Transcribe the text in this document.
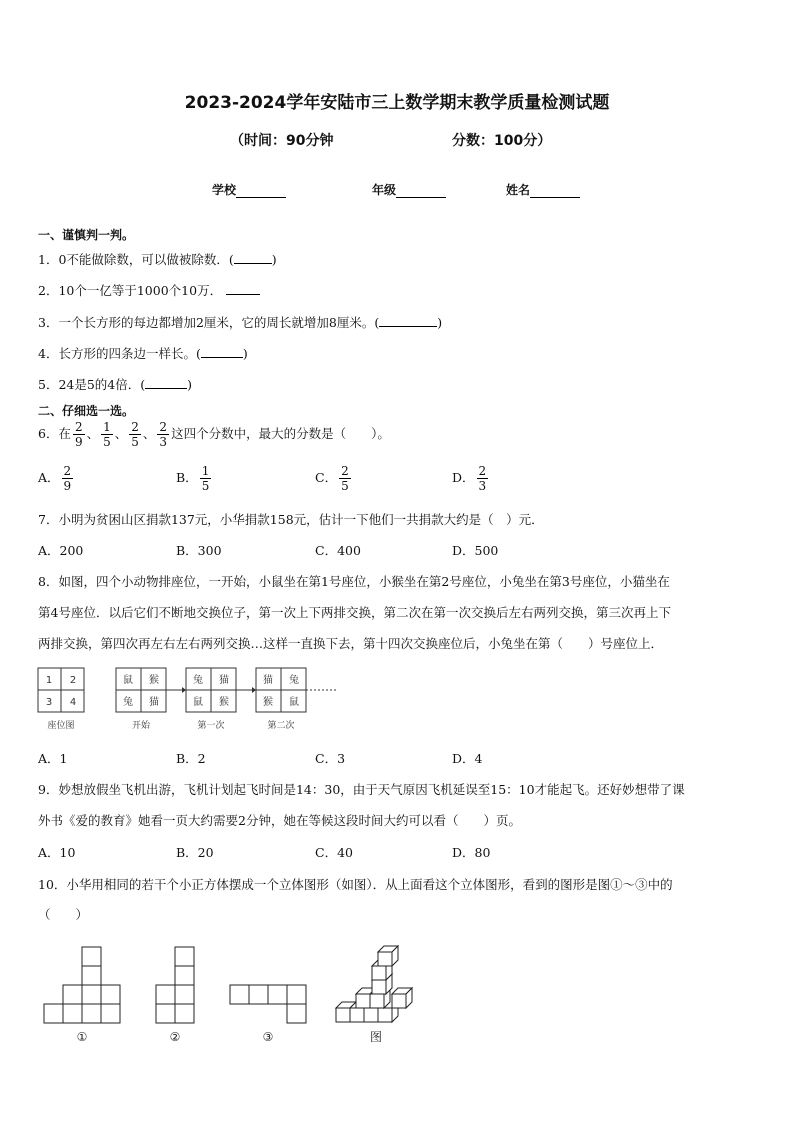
2023-2024学年安陆市三上数学期末教学质量检测试题
（时间：90分钟	分数：100分）
学校	年级	姓名
一、谨慎判一判。
1．0不能做除数，可以做被除数．(	)
2．10个一亿等于1000个10万．
3．一个长方形的每边都增加2厘米，它的周长就增加8厘米。(	)
4．长方形的四条边一样长。(	)
5．24是5的4倍．(	)
二、仔细选一选。
6．在 $\frac{2}{9}$ 、 $\frac{1}{5}$ 、 $\frac{2}{5}$ 、 $\frac{2}{3}$ 这四个分数中，最大的分数是（　　）。
A． $\frac{2}{9}$	B． $\frac{1}{5}$	C． $\frac{2}{5}$	D． $\frac{2}{3}$
7．小明为贫困山区捐款137元，小华捐款158元，估计一下他们一共捐款大约是（　）元．
A．200	B．300	C．400	D．500
8．如图，四个小动物排座位，一开始，小鼠坐在第1号座位，小猴坐在第2号座位，小兔坐在第3号座位，小猫坐在
第4号座位．以后它们不断地交换位子，第一次上下两排交换，第二次在第一次交换后左右两列交换，第三次再上下
两排交换，第四次再左右左右两列交换…这样一直换下去，第十四次交换座位后，小兔坐在第（　　）号座位上．
1 2
3 4
鼠 猴
兔 猫
兔 猫
鼠 猴
猫 兔
猴 鼠
座位图	开始	第一次	第二次
A．1	B．2	C．3	D．4
9．妙想放假坐飞机出游，飞机计划起飞时间是14：30，由于天气原因飞机延误至15：10才能起飞。还好妙想带了课
外书《爱的教育》她看一页大约需要2分钟，她在等候这段时间大约可以看（　　）页。
A．10	B．20	C．40	D．80
10．小华用相同的若干个小正方体摆成一个立体图形（如图）．从上面看这个立体图形，看到的图形是图①～③中的
（　　）
①	②	③	图
